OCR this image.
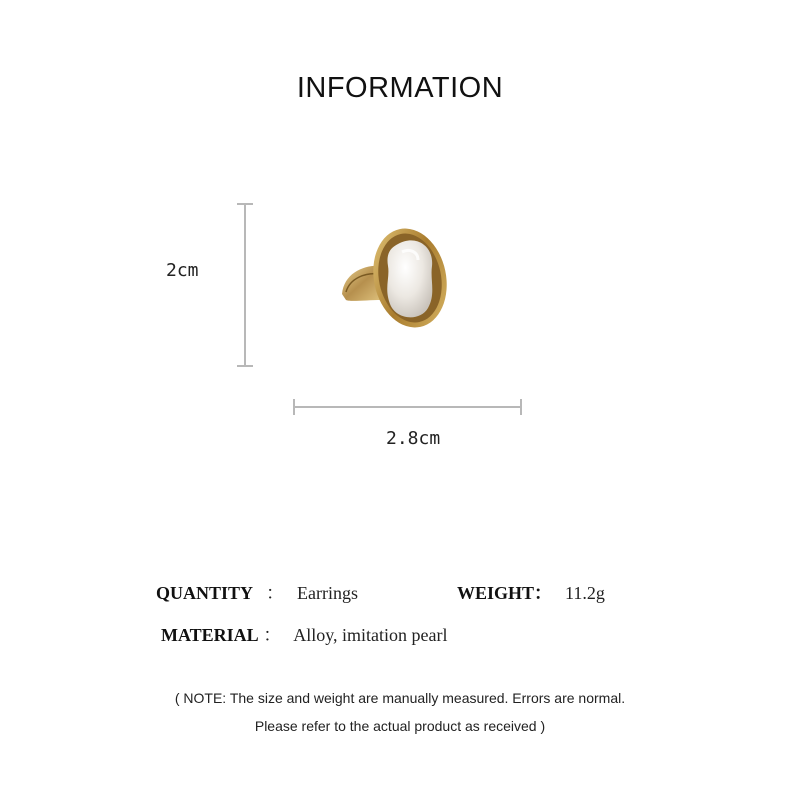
INFORMATION
2cm
2.8cm
QUANTITY ： Earrings	WEIGHT： 11.2g
MATERIAL ： Alloy, imitation pearl
( NOTE: The size and weight are manually measured. Errors are normal.
Please refer to the actual product as received )
